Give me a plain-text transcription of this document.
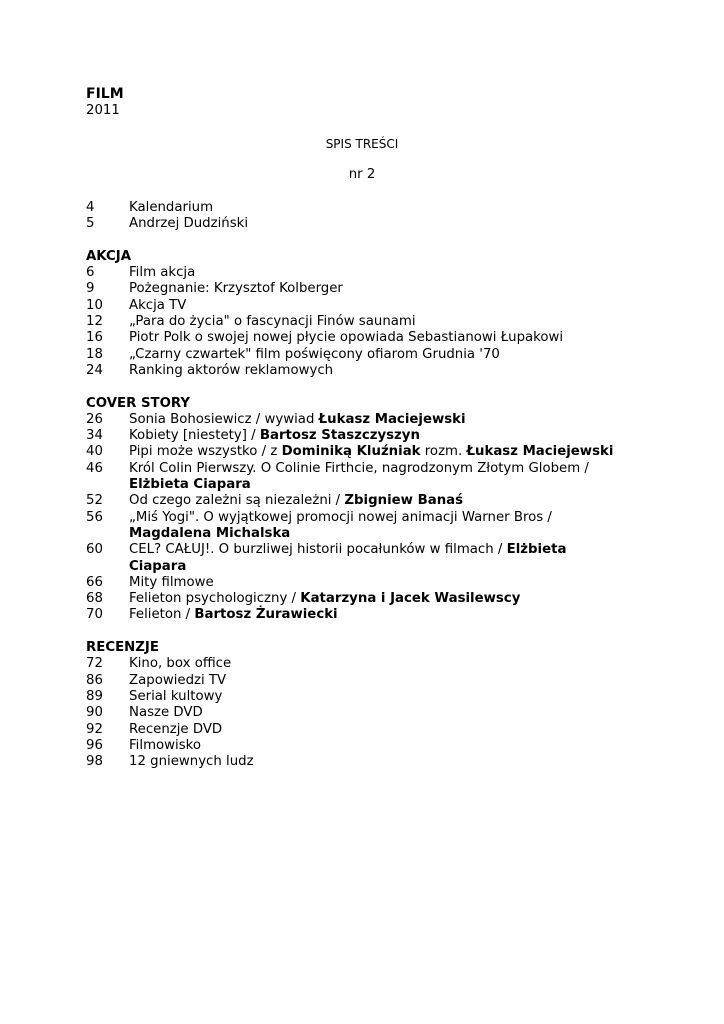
FILM
2011
SPIS TREŚCI
nr 2
4	Kalendarium
5	Andrzej Dudziński
AKCJA
6	Film akcja
9	Pożegnanie: Krzysztof Kolberger
10	Akcja TV
12	„Para do życia" o fascynacji Finów saunami
16	Piotr Polk o swojej nowej płycie opowiada Sebastianowi Łupakowi
18	„Czarny czwartek" film poświęcony ofiarom Grudnia '70
24	Ranking aktorów reklamowych
COVER STORY
26	Sonia Bohosiewicz / wywiad Łukasz Maciejewski
34	Kobiety [niestety] / Bartosz Staszczyszyn
40	Pipi może wszystko / z Dominiką Kluźniak rozm. Łukasz Maciejewski
46	Król Colin Pierwszy. O Colinie Firthcie, nagrodzonym Złotym Globem /
Elżbieta Ciapara
52	Od czego zależni są niezależni / Zbigniew Banaś
56	„Miś Yogi". O wyjątkowej promocji nowej animacji Warner Bros /
Magdalena Michalska
60	CEL? CAŁUJ!. O burzliwej historii pocałunków w filmach / Elżbieta
Ciapara
66	Mity filmowe
68	Felieton psychologiczny / Katarzyna i Jacek Wasilewscy
70	Felieton / Bartosz Żurawiecki
RECENZJE
72	Kino, box office
86	Zapowiedzi TV
89	Serial kultowy
90	Nasze DVD
92	Recenzje DVD
96	Filmowisko
98	12 gniewnych ludz
